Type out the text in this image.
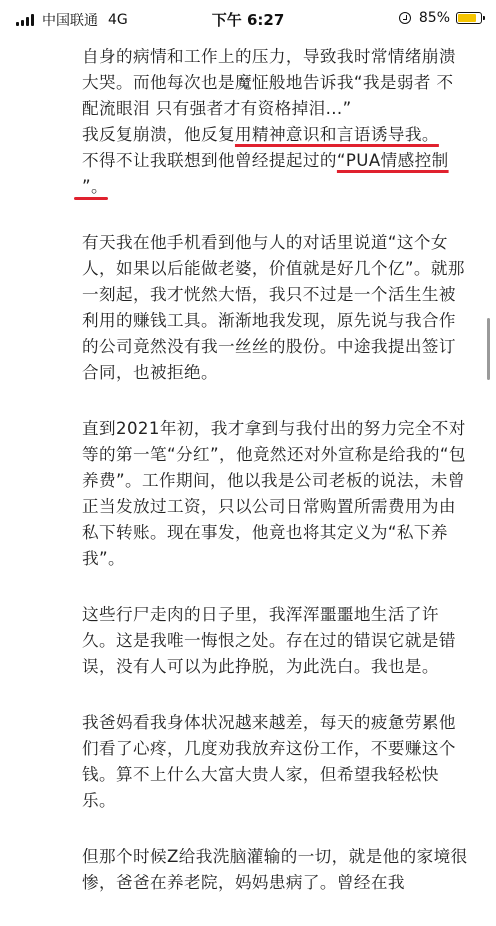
中国联通 4G	下午 6:27	85%

自身的病情和工作上的压力，导致我时常情绪崩溃大哭。而他每次也是魔怔般地告诉我“我是弱者 不配流眼泪 只有强者才有资格掉泪...”
我反复崩溃，他反复用精神意识和言语诱导我。
不得不让我联想到他曾经提起过的“PUA情感控制
”。

有天我在他手机看到他与人的对话里说道“这个女人，如果以后能做老婆，价值就是好几个亿”。就那一刻起，我才恍然大悟，我只不过是一个活生生被利用的赚钱工具。渐渐地我发现，原先说与我合作的公司竟然没有我一丝丝的股份。中途我提出签订合同，也被拒绝。

直到2021年初，我才拿到与我付出的努力完全不对等的第一笔“分红”，他竟然还对外宣称是给我的“包养费”。工作期间，他以我是公司老板的说法，未曾正当发放过工资，只以公司日常购置所需费用为由私下转账。现在事发，他竟也将其定义为“私下养我”。

这些行尸走肉的日子里，我浑浑噩噩地生活了许久。这是我唯一悔恨之处。存在过的错误它就是错误，没有人可以为此挣脱，为此洗白。我也是。

我爸妈看我身体状况越来越差，每天的疲惫劳累他们看了心疼，几度劝我放弃这份工作，不要赚这个钱。算不上什么大富大贵人家，但希望我轻松快乐。

但那个时候Z给我洗脑灌输的一切，就是他的家境很惨，爸爸在养老院，妈妈患病了。曾经在我
